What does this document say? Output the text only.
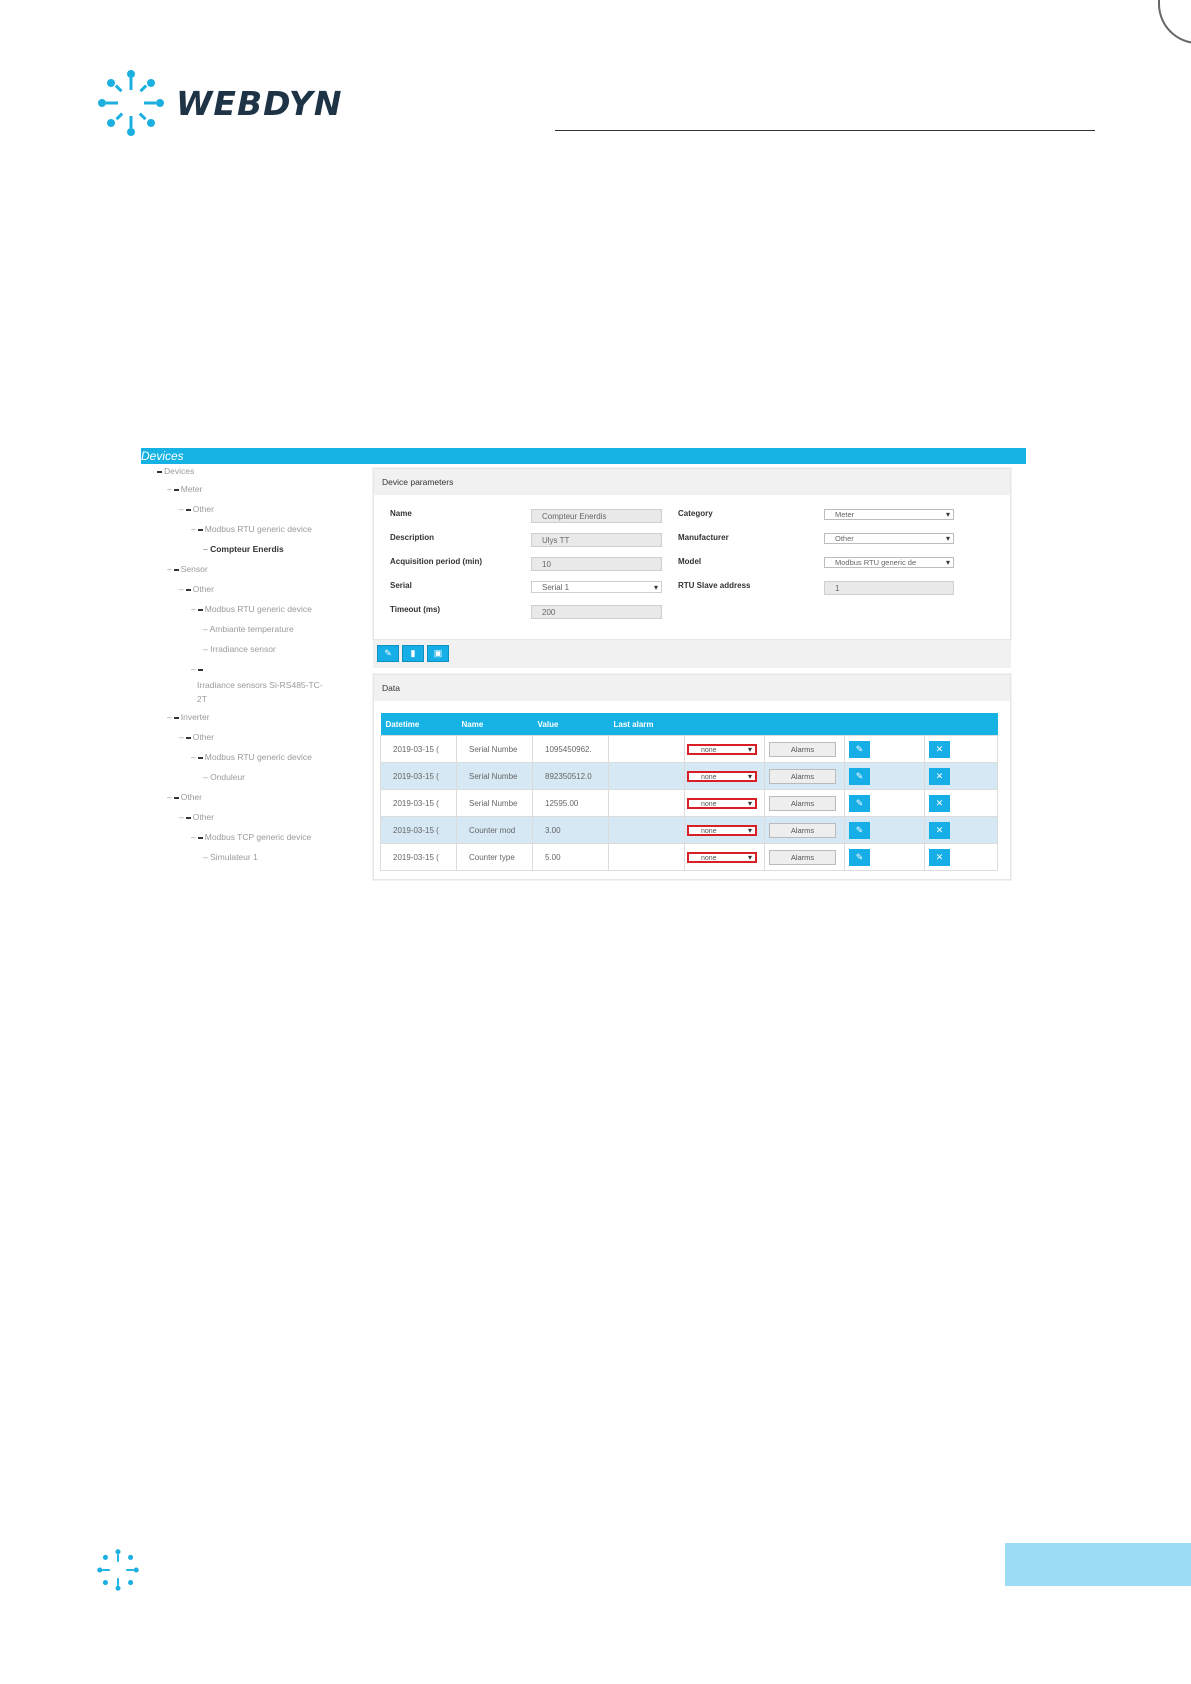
WEBDYN
Devices
Devices
– Meter
– Other
– Modbus RTU generic device
– Compteur Enerdis
– Sensor
– Other
– Modbus RTU generic device
– Ambiante temperature
– Irradiance sensor
–
Irradiance sensors Si-RS485-TC-
2T
– Inverter
– Other
– Modbus RTU generic device
– Onduleur
– Other
– Other
– Modbus TCP generic device
– Simulateur 1
Device parameters
Name	Compteur Enerdis
Description	Ulys TT
Acquisition period (min)	10
Serial	Serial 1 ▾
Timeout (ms)	200
Category	Meter ▾
Manufacturer	Other ▾
Model	Modbus RTU generic de ▾
RTU Slave address	1
✎	▮	▣
Data
Datetime	Name	Value	Last alarm				
2019-03-15 (	Serial Numbe	1095450962.		none ▾	Alarms	✎	✕
2019-03-15 (	Serial Numbe	892350512.0		none ▾	Alarms	✎	✕
2019-03-15 (	Serial Numbe	12595.00		none ▾	Alarms	✎	✕
2019-03-15 (	Counter mod	3.00		none ▾	Alarms	✎	✕
2019-03-15 (	Counter type	5.00		none ▾	Alarms	✎	✕
